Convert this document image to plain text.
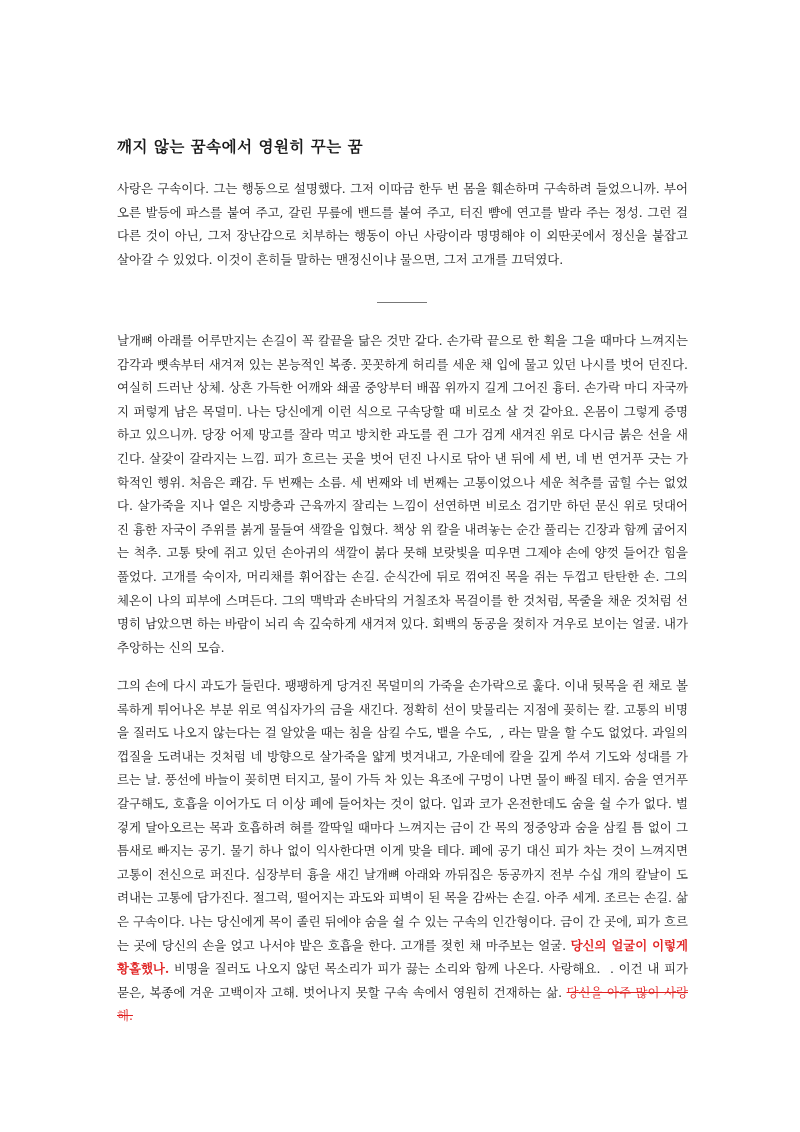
깨지 않는 꿈속에서 영원히 꾸는 꿈

사랑은 구속이다. 그는 행동으로 설명했다. 그저 이따금 한두 번 몸을 훼손하며 구속하려 들었으니까. 부어오른 발등에 파스를 붙여 주고, 갈린 무릎에 밴드를 붙여 주고, 터진 뺨에 연고를 발라 주는 정성. 그런 걸 다른 것이 아닌, 그저 장난감으로 치부하는 행동이 아닌 사랑이라 명명해야 이 외딴곳에서 정신을 붙잡고 살아갈 수 있었다. 이것이 흔히들 말하는 맨정신이냐 물으면, 그저 고개를 끄덕였다.

날개뼈 아래를 어루만지는 손길이 꼭 칼끝을 닮은 것만 같다. 손가락 끝으로 한 획을 그을 때마다 느껴지는 감각과 뼛속부터 새겨져 있는 본능적인 복종. 꼿꼿하게 허리를 세운 채 입에 물고 있던 나시를 벗어 던진다. 여실히 드러난 상체. 상흔 가득한 어깨와 쇄골 중앙부터 배꼽 위까지 길게 그어진 흉터. 손가락 마디 자국까지 퍼렇게 남은 목덜미. 나는 당신에게 이런 식으로 구속당할 때 비로소 살 것 같아요. 온몸이 그렇게 증명하고 있으니까. 당장 어제 망고를 잘라 먹고 방치한 과도를 쥔 그가 검게 새겨진 위로 다시금 붉은 선을 새긴다. 살갗이 갈라지는 느낌. 피가 흐르는 곳을 벗어 던진 나시로 닦아 낸 뒤에 세 번, 네 번 연거푸 긋는 가학적인 행위. 처음은 쾌감. 두 번째는 소름. 세 번째와 네 번째는 고통이었으나 세운 척추를 굽힐 수는 없었다. 살가죽을 지나 옅은 지방층과 근육까지 잘리는 느낌이 선연하면 비로소 검기만 하던 문신 위로 덧대어진 흉한 자국이 주위를 붉게 물들여 색깔을 입혔다. 책상 위 칼을 내려놓는 순간 풀리는 긴장과 함께 굽어지는 척추. 고통 탓에 쥐고 있던 손아귀의 색깔이 붉다 못해 보랏빛을 띠우면 그제야 손에 양껏 들어간 힘을 풀었다. 고개를 숙이자, 머리채를 휘어잡는 손길. 순식간에 뒤로 꺾여진 목을 쥐는 두껍고 탄탄한 손. 그의 체온이 나의 피부에 스며든다. 그의 맥박과 손바닥의 거칠조차 목걸이를 한 것처럼, 목줄을 채운 것처럼 선명히 남았으면 하는 바람이 뇌리 속 깊숙하게 새겨져 있다. 회백의 동공을 젖히자 겨우로 보이는 얼굴. 내가 추앙하는 신의 모습.

그의 손에 다시 과도가 들린다. 팽팽하게 당겨진 목덜미의 가죽을 손가락으로 훑다. 이내 뒷목을 쥔 채로 볼록하게 튀어나온 부분 위로 역십자가의 금을 새긴다. 정확히 선이 맞물리는 지점에 꽂히는 칼. 고통의 비명을 질러도 나오지 않는다는 걸 알았을 때는 침을 삼킬 수도, 뱉을 수도, ​​​​​​​​​​ , 라는 말을 할 수도 없었다. 과일의 껍질을 도려내는 것처럼 네 방향으로 살가죽을 얇게 벗겨내고, 가운데에 칼을 깊게 쑤셔 기도와 성대를 가르는 날. 풍선에 바늘이 꽂히면 터지고, 물이 가득 차 있는 욕조에 구멍이 나면 물이 빠질 테지. 숨을 연거푸 갈구해도, 호흡을 이어가도 더 이상 폐에 들어차는 것이 없다. 입과 코가 온전한데도 숨을 쉴 수가 없다. 벌겋게 달아오르는 목과 호흡하려 혀를 깔딱일 때마다 느껴지는 금이 간 목의 정중앙과 숨을 삼킬 틈 없이 그 틈새로 빠지는 공기. 물기 하나 없이 익사한다면 이게 맞을 테다. 폐에 공기 대신 피가 차는 것이 느껴지면 고통이 전신으로 퍼진다. 심장부터 흉을 새긴 날개뼈 아래와 까뒤집은 동공까지 전부 수십 개의 칼날이 도려내는 고통에 담가진다. 절그럭, 떨어지는 과도와 피벽이 된 목을 감싸는 손길. 아주 세게. 조르는 손길. 삶은 구속이다. 나는 당신에게 목이 졸린 뒤에야 숨을 쉴 수 있는 구속의 인간형이다. 금이 간 곳에, 피가 흐르는 곳에 당신의 손을 얹고 나서야 밭은 호흡을 한다. 고개를 젖힌 채 마주보는 얼굴. 당신의 얼굴이 이렇게 황홀했나. 비명을 질러도 나오지 않던 목소리가 피가 끓는 소리와 함께 나온다. 사랑해요. ​​​​​​​​​​ . 이건 내 피가 묻은, 복종에 겨운 고백이자 고해. 벗어나지 못할 구속 속에서 영원히 건재하는 삶. 당신을 아주 많이 사랑해.
